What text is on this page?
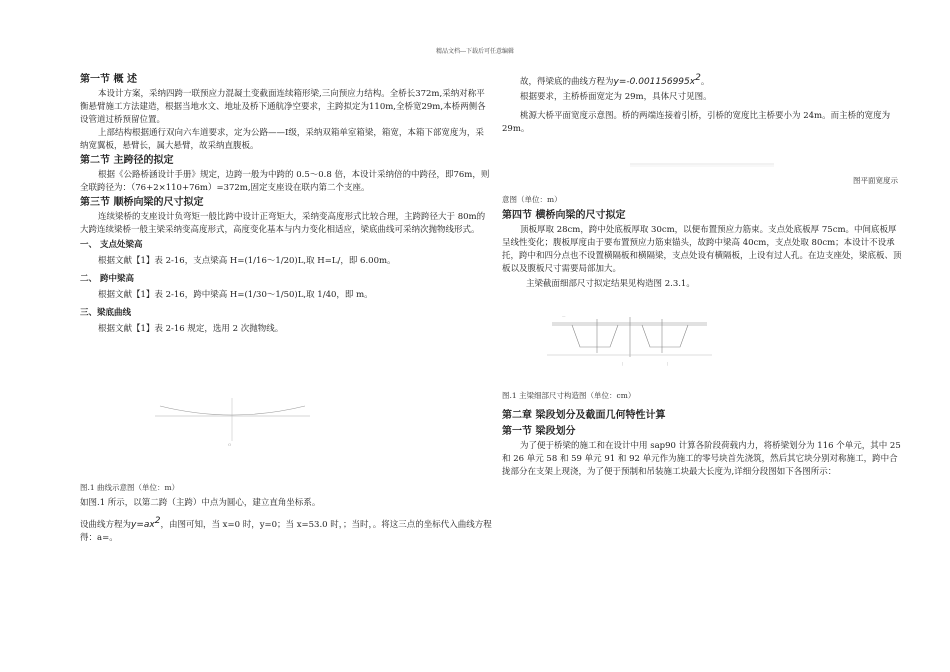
精品文档---下载后可任意编辑
第一节 概 述

本设计方案，采纳四跨一联预应力混凝土变截面连续箱形梁,三向预应力结构。全桥长372m,采纳对称平衡悬臂施工方法建造，根据当地水文、地址及桥下通航净空要求，主跨拟定为110m,全桥宽29m,本桥两侧各设管道过桥预留位置。

上部结构根据通行双向六车道要求，定为公路——Ⅰ级，采纳双箱单室箱梁，箱宽，本箱下部宽度为，采纳宽翼板，悬臂长，属大悬臂，故采纳直腹板。

第二节 主跨径的拟定

根据《公路桥涵设计手册》规定，边跨一般为中跨的 0.5～0.8 倍，本设计采纳倍的中跨径，即76m，则全联跨径为：（76+2×110+76m）=372m,固定支座设在联内第二个支座。

第三节 顺桥向梁的尺寸拟定

连续梁桥的支座设计负弯矩一般比跨中设计正弯矩大，采纳变高度形式比较合理，主跨跨径大于 80m的大跨连续梁桥一般主梁采纳变高度形式，高度变化基本与内力变化相适应，梁底曲线可采纳次抛物线形式。

一、 支点处梁高

根据文献【1】表 2-16，支点梁高 H=(1/16～1/20)L,取 H=L/，即 6.00m。

二、 跨中梁高

根据文献【1】表 2-16，跨中梁高 H=(1/30～1/50)L,取 1/40，即 m。

三、梁底曲线

根据文献【1】表 2-16 规定，选用 2 次抛物线。

O

图.1 曲线示意图（单位：m）

如图.1 所示，以第二跨（主跨）中点为圆心，建立直角坐标系。

设曲线方程为$y=ax^2$，由图可知，当 x=0 时，y=0；当 x=53.0 时，；当时，。将这三点的坐标代入曲线方程得：a=。

故，得梁底的曲线方程为$y=-0.001156995x^2$。

根据要求，主桥桥面宽定为 29m，具体尺寸见图。

桃源大桥平面宽度示意图。桥的两端连接着引桥，引桥的宽度比主桥要小为 24m。而主桥的宽度为 29m。

图平面宽度示

意图（单位：m）

第四节 横桥向梁的尺寸拟定

顶板厚取 28cm，跨中处底板厚取 30cm，以便布置预应力筋束。支点处底板厚 75cm。中间底板厚呈线性变化；腹板厚度由于要布置预应力筋束锚头，故跨中梁高 40cm，支点处取 80cm；本设计不设承托，跨中和四分点也不设置横隔板和横隔梁，支点处设有横隔板，上设有过人孔。在边支座处，梁底板、顶板以及腹板尺寸需要局部加大。

主梁截面细部尺寸拟定结果见构造图 2.3.1。

—
|	|

图.1 主梁细部尺寸构造图（单位：cm）

第二章 梁段划分及截面几何特性计算
第一节 梁段划分

为了便于桥梁的施工和在设计中用 sap90 计算各阶段荷载内力，将桥梁划分为 116 个单元，其中 25 和 26 单元 58 和 59 单元 91 和 92 单元作为施工的零号块首先浇筑，然后其它块分别对称施工，跨中合拢部分在支架上现浇，为了便于预制和吊装施工块最大长度为,详细分段图如下各图所示：
